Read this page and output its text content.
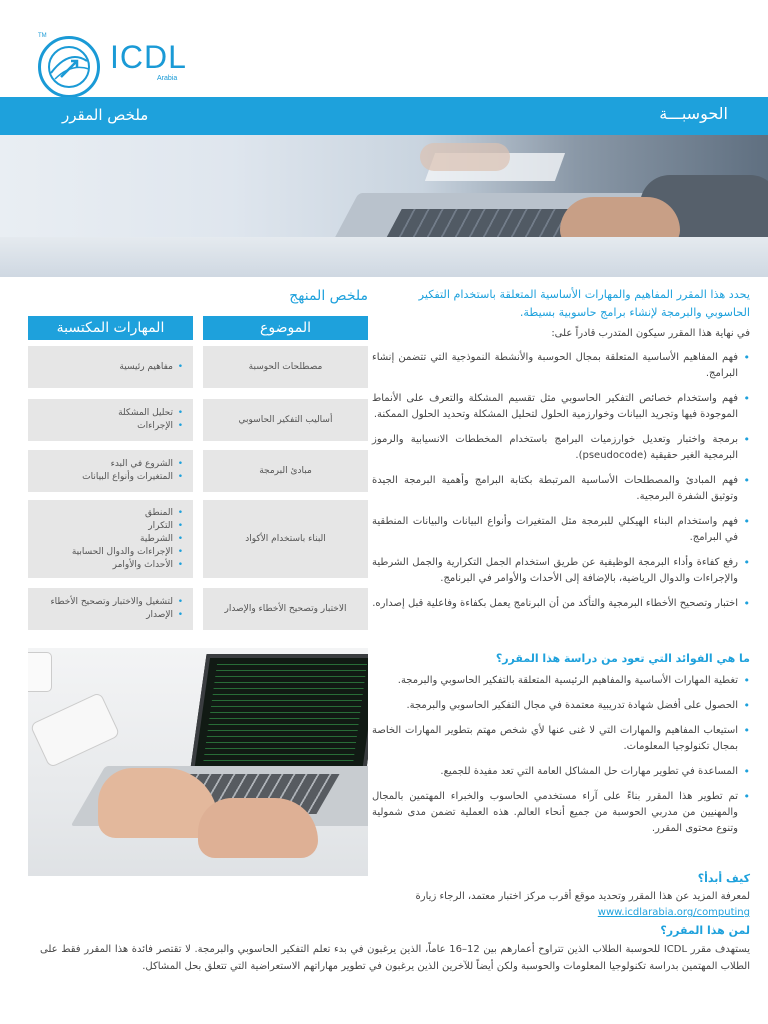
TM
ICDL
Arabia
ملخص المقرر	الحوسبـــة
يحدد هذا المقرر المفاهيم والمهارات الأساسية المتعلقة باستخدام التفكير الحاسوبي والبرمجة لإنشاء برامج حاسوبية بسيطة.
في نهاية هذا المقرر سيكون المتدرب قادراً على:
• فهم المفاهيم الأساسية المتعلقة بمجال الحوسبة والأنشطة النموذجية التي تتضمن إنشاء البرامج.
• فهم واستخدام خصائص التفكير الحاسوبي مثل تقسيم المشكلة والتعرف على الأنماط الموجودة فيها وتجريد البيانات وخوارزمية الحلول لتحليل المشكلة وتحديد الحلول الممكنة.
• برمجة واختبار وتعديل خوارزميات البرامج باستخدام المخططات الانسيابية والرموز البرمجية الغير حقيقية (pseudocode).
• فهم المبادئ والمصطلحات الأساسية المرتبطة بكتابة البرامج وأهمية البرمجة الجيدة وتوثيق الشفرة البرمجية.
• فهم واستخدام البناء الهيكلي للبرمجة مثل المتغيرات وأنواع البيانات والبيانات المنطقية في البرامج.
• رفع كفاءة وأداء البرمجة الوظيفية عن طريق استخدام الجمل التكرارية والجمل الشرطية والإجراءات والدوال الرياضية، بالإضافة إلى الأحداث والأوامر في البرنامج.
• اختبار وتصحيح الأخطاء البرمجية والتأكد من أن البرنامج يعمل بكفاءة وفاعلية قبل إصداره.
ما هي الفوائد التي تعود من دراسة هذا المقرر؟
• تغطية المهارات الأساسية والمفاهيم الرئيسية المتعلقة بالتفكير الحاسوبي والبرمجة.
• الحصول على أفضل شهادة تدريبية معتمدة في مجال التفكير الحاسوبي والبرمجة.
• استيعاب المفاهيم والمهارات التي لا غنى عنها لأي شخص مهتم بتطوير المهارات الخاصة بمجال تكنولوجيا المعلومات.
• المساعدة في تطوير مهارات حل المشاكل العامة التي تعد مفيدة للجميع.
• تم تطوير هذا المقرر بناءً على آراء مستخدمي الحاسوب والخبراء المهتمين بالمجال والمهنيين من مدربي الحوسبة من جميع أنحاء العالم. هذه العملية تضمن مدى شمولية وتنوع محتوى المقرر.
كيف أبدأ؟
لمعرفة المزيد عن هذا المقرر وتحديد موقع أقرب مركز اختبار معتمد، الرجاء زيارة www.icdlarabia.org/computing
لمن هذا المقرر؟
يستهدف مقرر ICDL للحوسبة الطلاب الذين تتراوح أعمارهم بين 12–16 عاماً، الذين يرغبون في بدء تعلم التفكير الحاسوبي والبرمجة. لا تقتصر فائدة هذا المقرر فقط على الطلاب المهتمين بدراسة تكنولوجيا المعلومات والحوسبة ولكن أيضاً للآخرين الذين يرغبون في تطوير مهاراتهم الاستعراضية التي تتعلق بحل المشاكل.
ملخص المنهج
الموضوع
المهارات المكتسبة
مصطلحات الحوسبة
• مفاهيم رئيسية
أساليب التفكير الحاسوبي
• تحليل المشكلة
• الإجراءات
مبادئ البرمجة
• الشروع في البدء
• المتغيرات وأنواع البيانات
البناء باستخدام الأكواد
• المنطق
• التكرار
• الشرطية
• الإجراءات والدوال الحسابية
• الأحداث والأوامر
الاختبار وتصحيح الأخطاء والإصدار
• لتشغيل والاختبار وتصحيح الأخطاء
• الإصدار
